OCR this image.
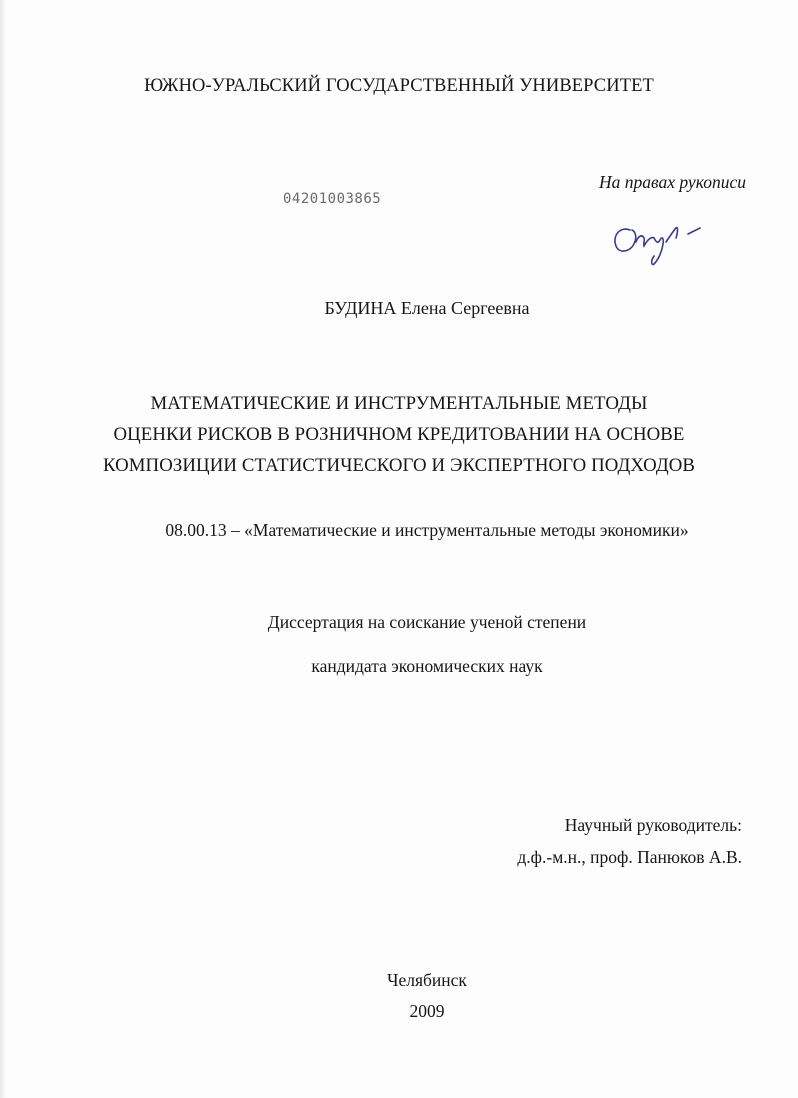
ЮЖНО-УРАЛЬСКИЙ ГОСУДАРСТВЕННЫЙ УНИВЕРСИТЕТ
На правах рукописи
04201003865
БУДИНА Елена Сергеевна
МАТЕМАТИЧЕСКИЕ И ИНСТРУМЕНТАЛЬНЫЕ МЕТОДЫ
ОЦЕНКИ РИСКОВ В РОЗНИЧНОМ КРЕДИТОВАНИИ НА ОСНОВЕ
КОМПОЗИЦИИ СТАТИСТИЧЕСКОГО И ЭКСПЕРТНОГО ПОДХОДОВ
08.00.13 – «Математические и инструментальные методы экономики»
Диссертация на соискание ученой степени
кандидата экономических наук
Научный руководитель:
д.ф.-м.н., проф. Панюков А.В.
Челябинск
2009
